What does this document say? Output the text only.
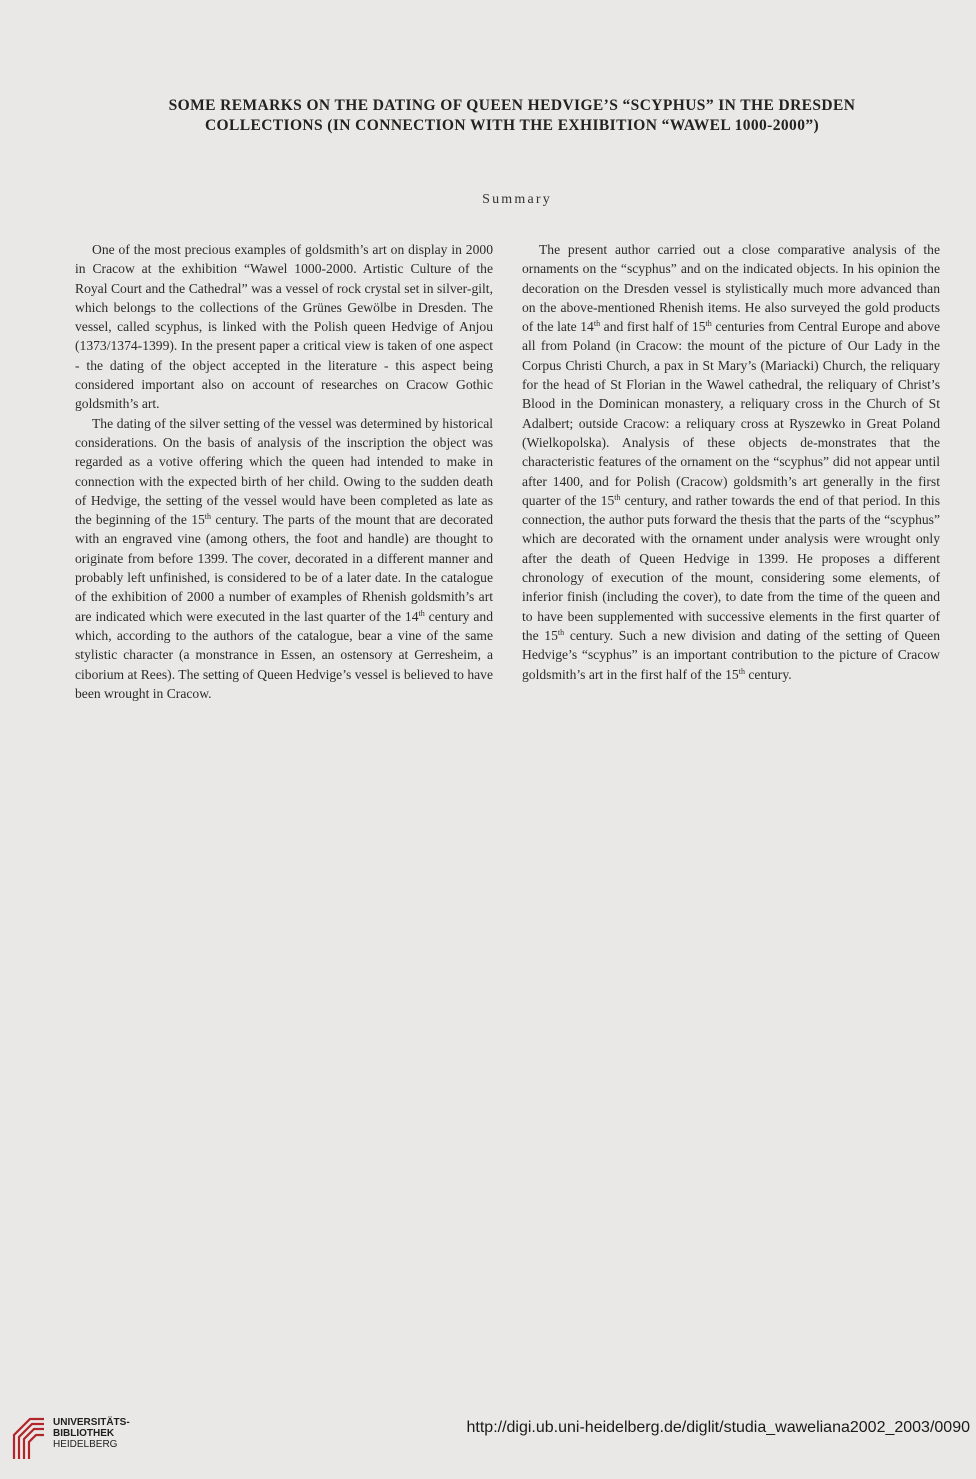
SOME REMARKS ON THE DATING OF QUEEN HEDVIGE’S “SCYPHUS” IN THE DRESDEN
COLLECTIONS (IN CONNECTION WITH THE EXHIBITION “WAWEL 1000-2000”)
Summary

One of the most precious examples of goldsmith’s art on display in 2000 in Cracow at the exhibition “Wawel 1000-2000. Artistic Culture of the Royal Court and the Cathedral” was a vessel of rock crystal set in silver-gilt, which belongs to the collections of the Grünes Gewölbe in Dresden. The vessel, called scyphus, is linked with the Polish queen Hedvige of Anjou (1373/1374-1399). In the present paper a critical view is taken of one aspect - the dating of the object accepted in the literature - this aspect being considered important also on account of researches on Cracow Gothic goldsmith’s art.

The dating of the silver setting of the vessel was determined by historical considerations. On the basis of analysis of the inscription the object was regarded as a votive offering which the queen had intended to make in connection with the expected birth of her child. Owing to the sudden death of Hedvige, the setting of the vessel would have been completed as late as the beginning of the 15th century. The parts of the mount that are decorated with an engraved vine (among others, the foot and handle) are thought to originate from before 1399. The cover, decorated in a different manner and probably left unfinished, is considered to be of a later date. In the catalogue of the exhibition of 2000 a number of examples of Rhenish goldsmith’s art are indicated which were executed in the last quarter of the 14th century and which, according to the authors of the catalogue, bear a vine of the same stylistic character (a monstrance in Essen, an ostensory at Gerresheim, a ciborium at Rees). The setting of Queen Hedvige’s vessel is believed to have been wrought in Cracow.

The present author carried out a close comparative analysis of the ornaments on the “scyphus” and on the indicated objects. In his opinion the decoration on the Dresden vessel is stylistically much more advanced than on the above-mentioned Rhenish items. He also surveyed the gold products of the late 14th and first half of 15th centuries from Central Europe and above all from Poland (in Cracow: the mount of the picture of Our Lady in the Corpus Christi Church, a pax in St Mary’s (Mariacki) Church, the reliquary for the head of St Florian in the Wawel cathedral, the reliquary of Christ’s Blood in the Dominican monastery, a reliquary cross in the Church of St Adalbert; outside Cracow: a reliquary cross at Ryszewko in Great Poland (Wielkopolska). Analysis of these objects de-monstrates that the characteristic features of the ornament on the “scyphus” did not appear until after 1400, and for Polish (Cracow) goldsmith’s art generally in the first quarter of the 15th century, and rather towards the end of that period. In this connection, the author puts forward the thesis that the parts of the “scyphus” which are decorated with the ornament under analysis were wrought only after the death of Queen Hedvige in 1399. He proposes a different chronology of execution of the mount, considering some elements, of inferior finish (including the cover), to date from the time of the queen and to have been supplemented with successive elements in the first quarter of the 15th century. Such a new division and dating of the setting of Queen Hedvige’s “scyphus” is an important contribution to the picture of Cracow goldsmith’s art in the first half of the 15th century.

UNIVERSITÄTS-
BIBLIOTHEK
HEIDELBERG
http://digi.ub.uni-heidelberg.de/diglit/studia_waweliana2002_2003/0090
